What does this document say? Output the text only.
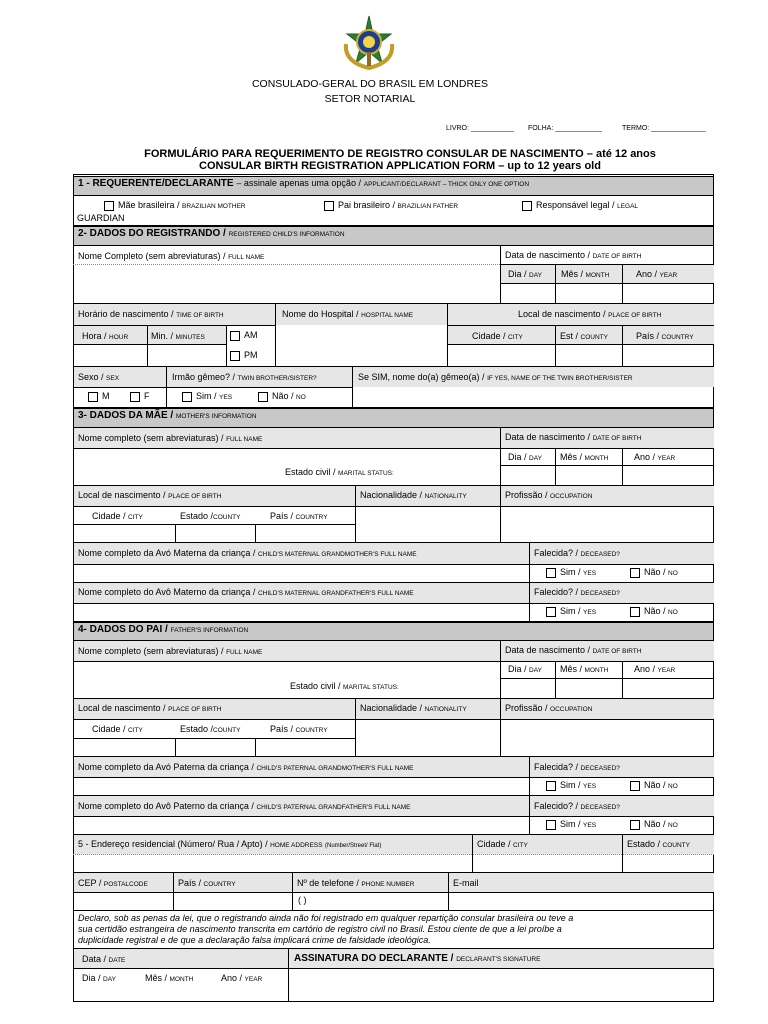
CONSULADO-GERAL DO BRASIL EM LONDRES
SETOR NOTARIAL
LIVRO: ___________ FOLHA: ____________	TERMO: ______________
FORMULÁRIO PARA REQUERIMENTO DE REGISTRO CONSULAR DE NASCIMENTO – até 12 anos
CONSULAR BIRTH REGISTRATION APPLICATION FORM – up to 12 years old
1 - REQUERENTE/DECLARANTE – assinale apenas uma opção / APPLICANT/DECLARANT – THICK ONLY ONE OPTION
Mãe brasileira / BRAZILIAN MOTHER	Pai brasileiro / BRAZILIAN FATHER	Responsável legal / LEGAL
GUARDIAN
2- DADOS DO REGISTRANDO / REGISTERED CHILD'S INFORMATION
Nome Completo (sem abreviaturas) / FULL NAME	Data de nascimento / DATE OF BIRTH
Dia / DAY Mês / MONTH	Ano / YEAR
Horário de nascimento / TIME OF BIRTH	Nome do Hospital / HOSPITAL NAME	Local de nascimento / PLACE OF BIRTH
Hora / HOUR	Min. / MINUTES	AM
PM
Cidade / CITY	Est / COUNTY	País / COUNTRY
Sexo / SEX	Irmão gêmeo? / TWIN BROTHER/SISTER?	Se SIM, nome do(a) gêmeo(a) / IF YES, NAME OF THE TWIN BROTHER/SISTER
M	F	Sim / YES	Não / NO
3- DADOS DA MÃE / MOTHER'S INFORMATION
Nome completo (sem abreviaturas) / FULL NAME	Data de nascimento / DATE OF BIRTH
Dia / DAY Mês / MONTH	Ano / YEAR
Estado civil / MARITAL STATUS:
Local de nascimento / PLACE OF BIRTH	Nacionalidade / NATIONALITY	Profissão / OCCUPATION
Cidade / CITY	Estado /COUNTY	País / COUNTRY
Nome completo da Avó Materna da criança / CHILD'S MATERNAL GRANDMOTHER'S FULL NAME	Falecida? / DECEASED?
Sim / YES	Não / NO
Nome completo do Avô Materno da criança / CHILD'S MATERNAL GRANDFATHER'S FULL NAME	Falecido? / DECEASED?
Sim / YES	Não / NO
4- DADOS DO PAI / FATHER'S INFORMATION
Nome completo (sem abreviaturas) / FULL NAME	Data de nascimento / DATE OF BIRTH
Dia / DAY Mês / MONTH	Ano / YEAR
Estado civil / MARITAL STATUS:
Local de nascimento / PLACE OF BIRTH	Nacionalidade / NATIONALITY	Profissão / OCCUPATION
Cidade / CITY	Estado /COUNTY	País / COUNTRY
Nome completo da Avó Paterna da criança / CHILD'S PATERNAL GRANDMOTHER'S FULL NAME	Falecida? / DECEASED?
Sim / YES	Não / NO
Nome completo do Avô Paterno da criança / CHILD'S PATERNAL GRANDFATHER'S FULL NAME	Falecido? / DECEASED?
Sim / YES	Não / NO
5 - Endereço residencial (Número/ Rua / Apto) / HOME ADDRESS (Number/Street/ Flat)	Cidade / CITY	Estado / COUNTY
CEP / POSTALCODE	País / COUNTRY	Nº de telefone / PHONE NUMBER	E-mail
( )
Declaro, sob as penas da lei, que o registrando ainda não foi registrado em qualquer repartição consular brasileira ou teve a
sua certidão estrangeira de nascimento transcrita em cartório de registro civil no Brasil. Estou ciente de que a lei proíbe a
duplicidade registral e de que a declaração falsa implicará crime de falsidade ideológica.
Data / DATE	ASSINATURA DO DECLARANTE / DECLARANT'S SIGNATURE
Dia / DAY	Mês / MONTH	Ano / YEAR
